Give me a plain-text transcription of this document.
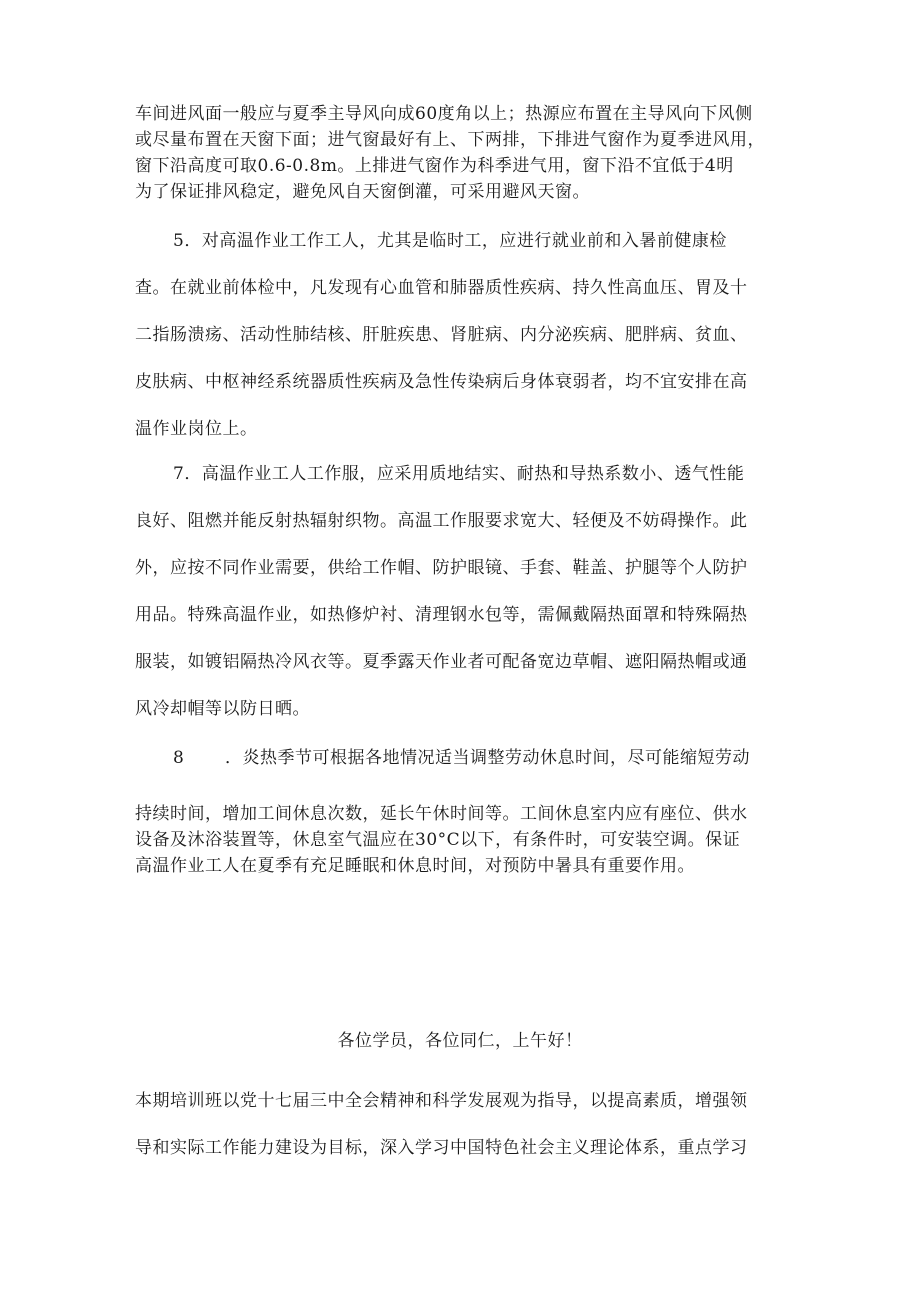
车间进风面一般应与夏季主导风向成60度角以上；热源应布置在主导风向下风侧
或尽量布置在天窗下面；进气窗最好有上、下两排，下排进气窗作为夏季进风用，
窗下沿高度可取0.6-0.8m。上排进气窗作为科季进气用，窗下沿不宜低于4明
为了保证排风稳定，避免风自天窗倒灌，可采用避风天窗。
5．对高温作业工作工人，尤其是临时工，应进行就业前和入暑前健康检
查。在就业前体检中，凡发现有心血管和肺器质性疾病、持久性高血压、胃及十
二指肠溃疡、活动性肺结核、肝脏疾患、肾脏病、内分泌疾病、肥胖病、贫血、
皮肤病、中枢神经系统器质性疾病及急性传染病后身体衰弱者，均不宜安排在高
温作业岗位上。
7．高温作业工人工作服，应采用质地结实、耐热和导热系数小、透气性能
良好、阻燃并能反射热辐射织物。高温工作服要求宽大、轻便及不妨碍操作。此
外，应按不同作业需要，供给工作帽、防护眼镜、手套、鞋盖、护腿等个人防护
用品。特殊高温作业，如热修炉衬、清理钢水包等，需佩戴隔热面罩和特殊隔热
服装，如镀铝隔热冷风衣等。夏季露天作业者可配备宽边草帽、遮阳隔热帽或通
风冷却帽等以防日晒。
8 ．炎热季节可根据各地情况适当调整劳动休息时间，尽可能缩短劳动
持续时间，增加工间休息次数，延长午休时间等。工间休息室内应有座位、供水
设备及沐浴装置等，休息室气温应在30°C以下，有条件时，可安装空调。保证
高温作业工人在夏季有充足睡眠和休息时间，对预防中暑具有重要作用。
各位学员，各位同仁，上午好！
本期培训班以党十七届三中全会精神和科学发展观为指导，以提高素质，增强领
导和实际工作能力建设为目标，深入学习中国特色社会主义理论体系，重点学习
